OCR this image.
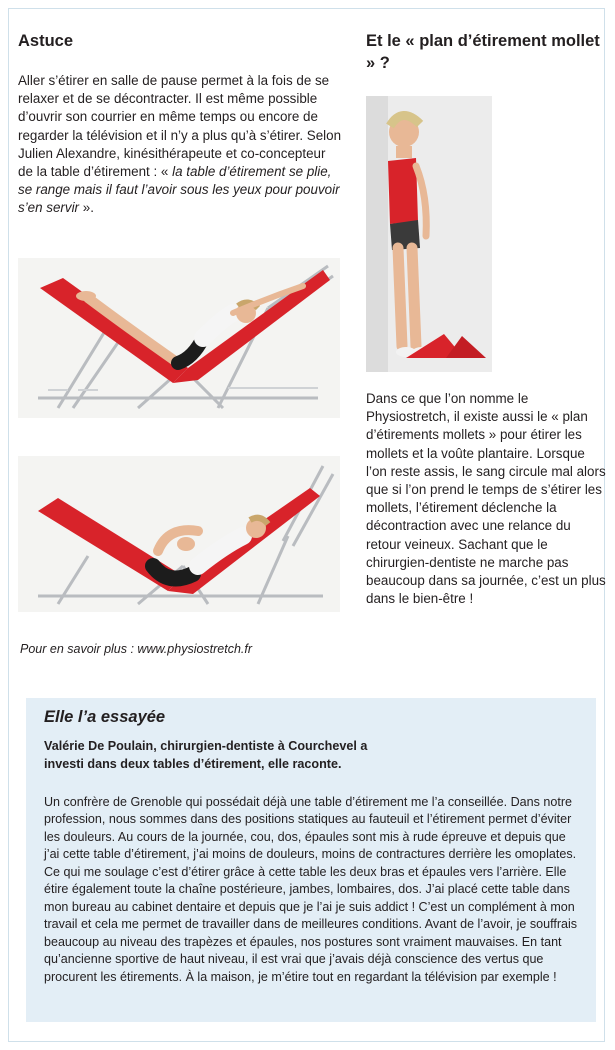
Astuce

Aller s’étirer en salle de pause permet à la fois de se relaxer et de se décontracter. Il est même possible d’ouvrir son courrier en même temps ou encore de regarder la télévision et il n’y a plus qu’à s’étirer. Selon Julien Alexandre, kinésithérapeute et co-concepteur de la table d’étirement : « la table d’étirement se plie, se range mais il faut l’avoir sous les yeux pour pouvoir s’en servir ».

Pour en savoir plus : www.physiostretch.fr
Et le « plan d’étirement mollet » ?

Dans ce que l’on nomme le Physiostretch, il existe aussi le « plan d’étirements mollets » pour étirer les mollets et la voûte plantaire. Lorsque l’on reste assis, le sang circule mal alors que si l’on prend le temps de s’étirer les mollets, l’étirement déclenche la décontraction avec une relance du retour veineux. Sachant que le chirurgien-dentiste ne marche pas beaucoup dans sa journée, c’est un plus dans le bien-être !

Elle l’a essayée
Valérie De Poulain, chirurgien-dentiste à Courchevel a investi dans deux tables d’étirement, elle raconte.
Un confrère de Grenoble qui possédait déjà une table d’étirement me l’a conseillée. Dans notre profession, nous sommes dans des positions statiques au fauteuil et l’étirement permet d’éviter les douleurs. Au cours de la journée, cou, dos, épaules sont mis à rude épreuve et depuis que j’ai cette table d’étirement, j’ai moins de douleurs, moins de contractures derrière les omoplates. Ce qui me soulage c’est d’étirer grâce à cette table les deux bras et épaules vers l’arrière. Elle étire également toute la chaîne postérieure, jambes, lombaires, dos. J’ai placé cette table dans mon bureau au cabinet dentaire et depuis que je l’ai je suis addict ! C’est un complément à mon travail et cela me permet de travailler dans de meilleures conditions. Avant de l’avoir, je souffrais beaucoup au niveau des trapèzes et épaules, nos postures sont vraiment mauvaises. En tant qu’ancienne sportive de haut niveau, il est vrai que j’avais déjà conscience des vertus que procurent les étirements. À la maison, je m’étire tout en regardant la télévision par exemple !
